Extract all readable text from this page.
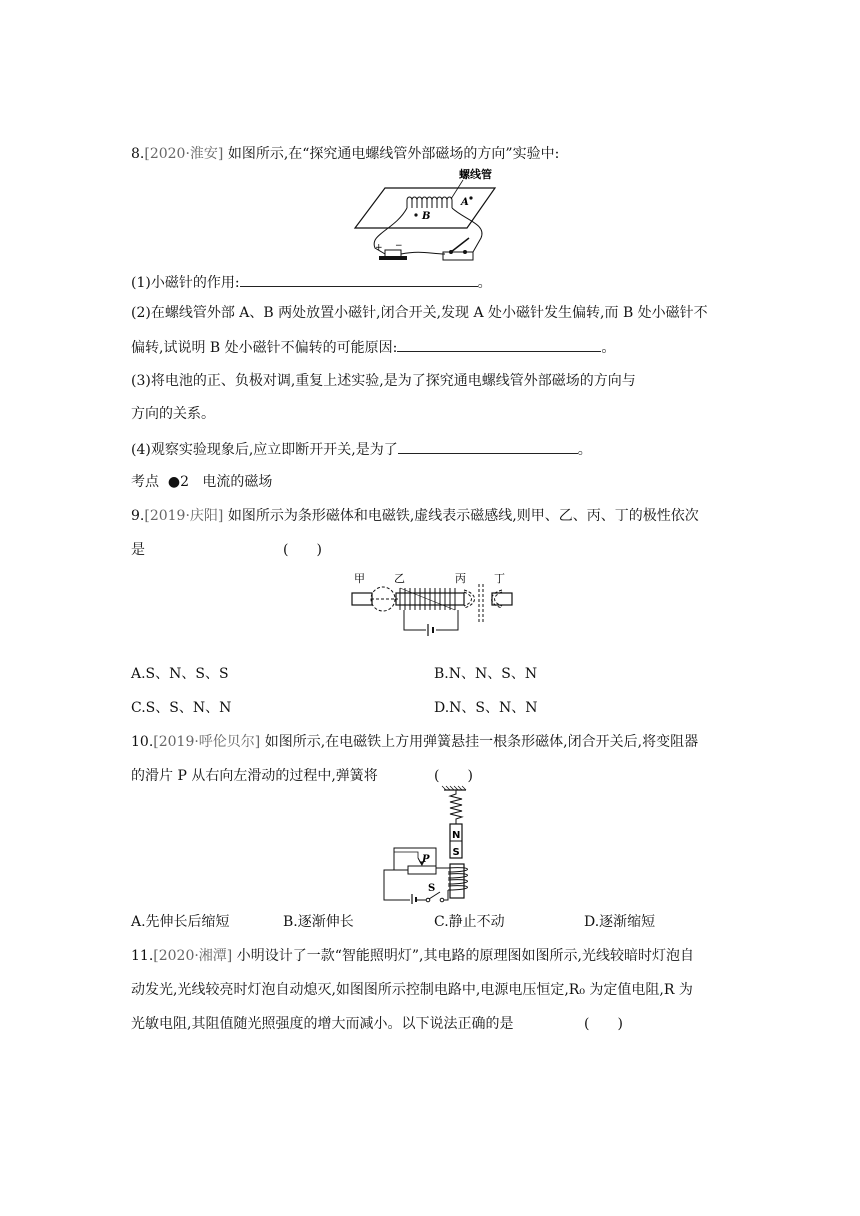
8.[2020·淮安] 如图所示,在“探究通电螺线管外部磁场的方向”实验中:
螺线管
A
B
+ −
(1)小磁针的作用:	。
(2)在螺线管外部 A、B 两处放置小磁针,闭合开关,发现 A 处小磁针发生偏转,而 B 处小磁针不
偏转,试说明 B 处小磁针不偏转的可能原因:	。
(3)将电池的正、负极对调,重复上述实验,是为了探究通电螺线管外部磁场的方向与
方向的关系。
(4)观察实验现象后,应立即断开开关,是为了	。
考点 ●2 电流的磁场
9.[2019·庆阳] 如图所示为条形磁体和电磁铁,虚线表示磁感线,则甲、乙、丙、丁的极性依次
是	(　　)
甲	乙	丙	丁
A.S、N、S、S	B.N、N、S、N
C.S、S、N、N	D.N、S、N、N
10.[2019·呼伦贝尔] 如图所示,在电磁铁上方用弹簧悬挂一根条形磁体,闭合开关后,将变阻器
的滑片 P 从右向左滑动的过程中,弹簧将	(　　)
N
S
P
S
A.先伸长后缩短	B.逐渐伸长	C.静止不动	D.逐渐缩短
11.[2020·湘潭] 小明设计了一款“智能照明灯”,其电路的原理图如图所示,光线较暗时灯泡自
动发光,光线较亮时灯泡自动熄灭,如图图所示控制电路中,电源电压恒定,R₀ 为定值电阻,R 为
光敏电阻,其阻值随光照强度的增大而减小。以下说法正确的是	(　　)
